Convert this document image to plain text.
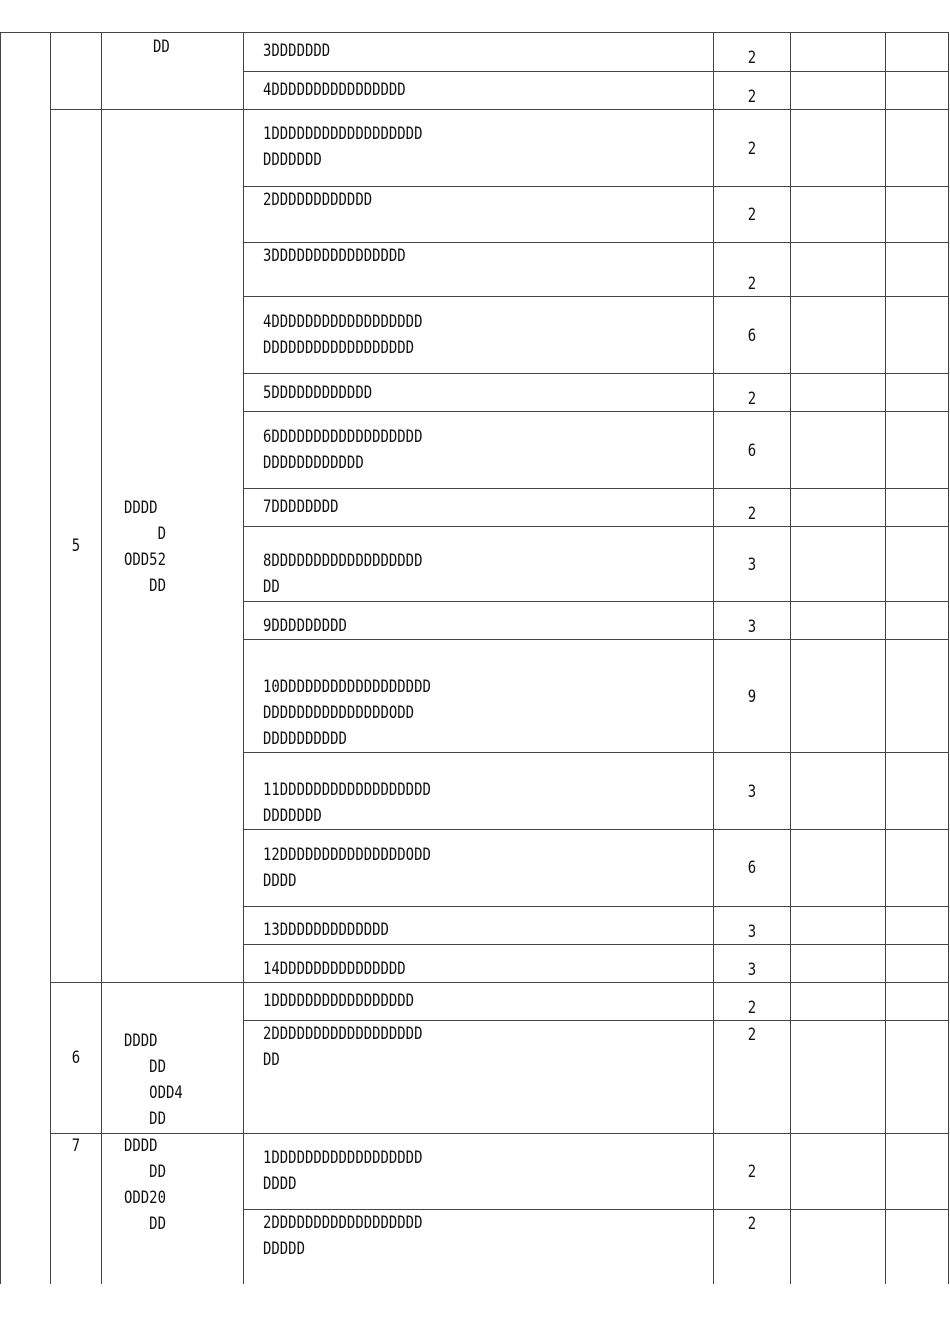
5
6
7
DD
DDDD
D
ODD52
DD
DDDD
DD
ODD4
DD
DDDD
DD
ODD20
DD
3DDDDDDD
4DDDDDDDDDDDDDDDD
1DDDDDDDDDDDDDDDDDD
DDDDDDD
2DDDDDDDDDDDD
3DDDDDDDDDDDDDDDD
4DDDDDDDDDDDDDDDDDD
DDDDDDDDDDDDDDDDDD
5DDDDDDDDDDDD
6DDDDDDDDDDDDDDDDDD
DDDDDDDDDDDD
7DDDDDDDD
8DDDDDDDDDDDDDDDDDD
DD
9DDDDDDDDD
10DDDDDDDDDDDDDDDDDD
DDDDDDDDDDDDDDDODD
DDDDDDDDDD
11DDDDDDDDDDDDDDDDDD
DDDDDDD
12DDDDDDDDDDDDDDDODD
DDDD
13DDDDDDDDDDDDD
14DDDDDDDDDDDDDDD
1DDDDDDDDDDDDDDDDD
2DDDDDDDDDDDDDDDDDD
DD
1DDDDDDDDDDDDDDDDDD
DDDD
2DDDDDDDDDDDDDDDDDD
DDDDD
2
2
2
2
2
6
2
6
2
3
3
9
3
6
3
3
2
2
2
2
